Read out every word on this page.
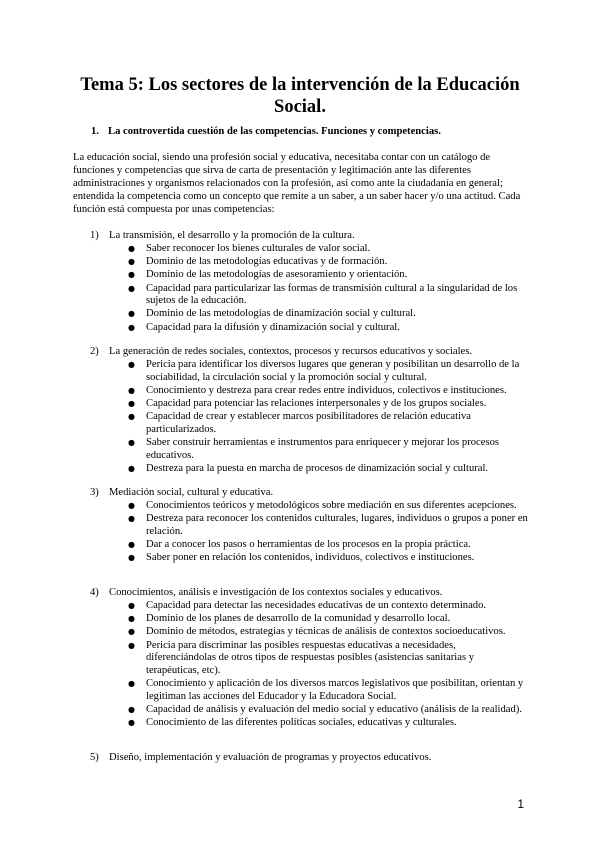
Tema 5: Los sectores de la intervención de la Educación Social.

1. La controvertida cuestión de las competencias. Funciones y competencias.

La educación social, siendo una profesión social y educativa, necesitaba contar con un catálogo de funciones y competencias que sirva de carta de presentación y legitimación ante las diferentes administraciones y organismos relacionados con la profesión, así como ante la ciudadanía en general; entendida la competencia como un concepto que remite a un saber, a un saber hacer y/o una actitud. Cada función está compuesta por unas competencias:

1) La transmisión, el desarrollo y la promoción de la cultura.

● Saber reconocer los bienes culturales de valor social.
● Dominio de las metodologías educativas y de formación.
● Dominio de las metodologías de asesoramiento y orientación.
● Capacidad para particularizar las formas de transmisión cultural a la singularidad de los sujetos de la educación.
● Dominio de las metodologías de dinamización social y cultural.
● Capacidad para la difusión y dinamización social y cultural.

2) La generación de redes sociales, contextos, procesos y recursos educativos y sociales.

● Pericia para identificar los diversos lugares que generan y posibilitan un desarrollo de la sociabilidad, la circulación social y la promoción social y cultural.
● Conocimiento y destreza para crear redes entre individuos, colectivos e instituciones.
● Capacidad para potenciar las relaciones interpersonales y de los grupos sociales.
● Capacidad de crear y establecer marcos posibilitadores de relación educativa particularizados.
● Saber construir herramientas e instrumentos para enriquecer y mejorar los procesos educativos.
● Destreza para la puesta en marcha de procesos de dinamización social y cultural.

3) Mediación social, cultural y educativa.

● Conocimientos teóricos y metodológicos sobre mediación en sus diferentes acepciones.
● Destreza para reconocer los contenidos culturales, lugares, individuos o grupos a poner en relación.
● Dar a conocer los pasos o herramientas de los procesos en la propia práctica.
● Saber poner en relación los contenidos, individuos, colectivos e instituciones.

4) Conocimientos, análisis e investigación de los contextos sociales y educativos.

● Capacidad para detectar las necesidades educativas de un contexto determinado.
● Dominio de los planes de desarrollo de la comunidad y desarrollo local.
● Dominio de métodos, estrategias y técnicas de análisis de contextos socioeducativos.
● Pericia para discriminar las posibles respuestas educativas a necesidades, diferenciándolas de otros tipos de respuestas posibles (asistencias sanitarias y terapéuticas, etc).
● Conocimiento y aplicación de los diversos marcos legislativos que posibilitan, orientan y legitiman las acciones del Educador y la Educadora Social.
● Capacidad de análisis y evaluación del medio social y educativo (análisis de la realidad).
● Conocimiento de las diferentes políticas sociales, educativas y culturales.

5) Diseño, implementación y evaluación de programas y proyectos educativos.

1
